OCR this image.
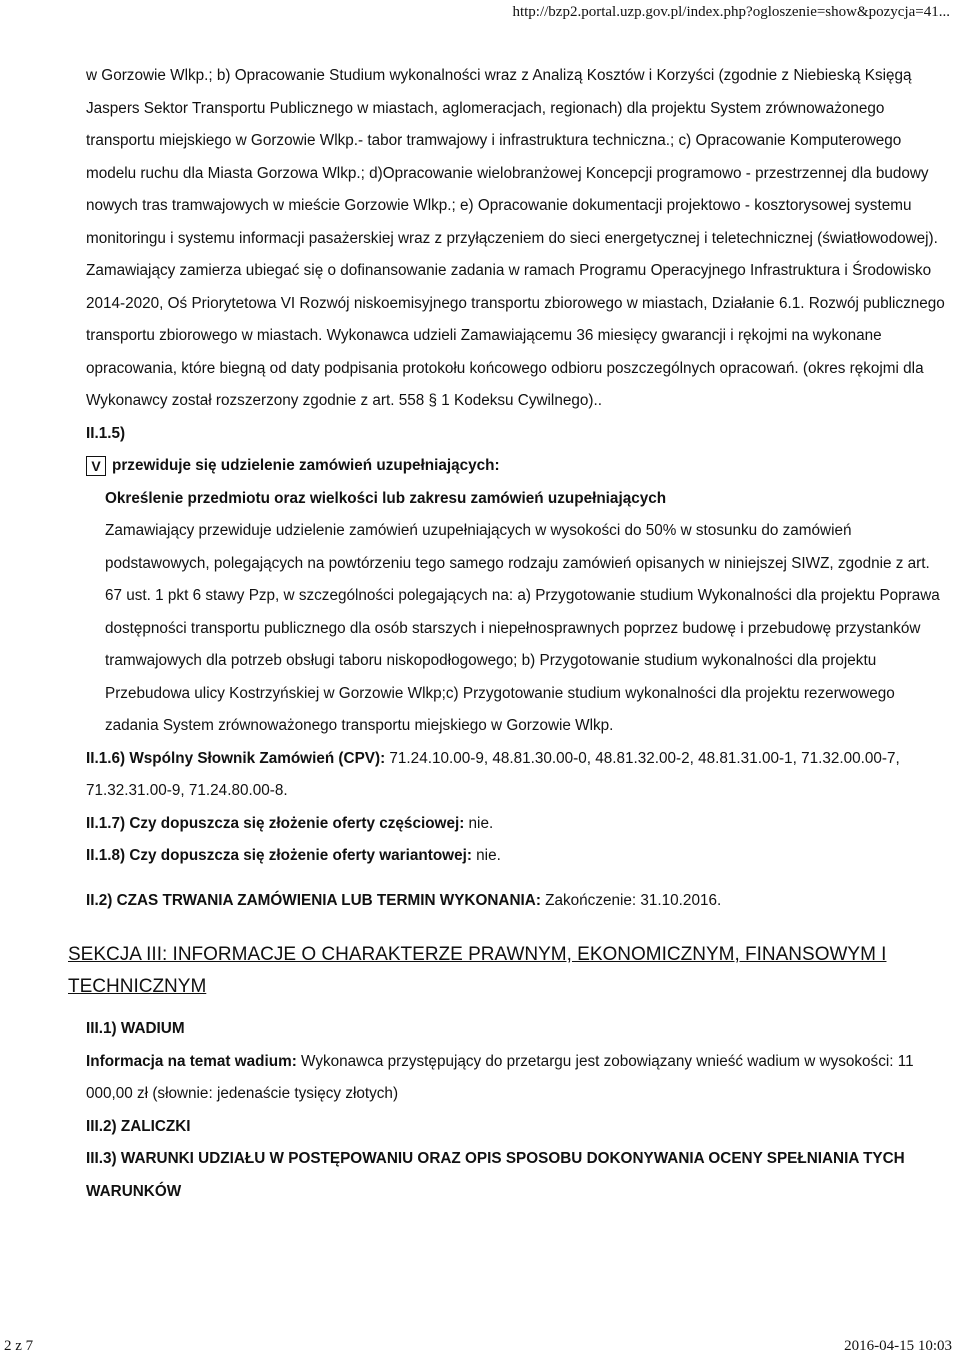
http://bzp2.portal.uzp.gov.pl/index.php?ogloszenie=show&pozycja=41...

w Gorzowie Wlkp.; b) Opracowanie Studium wykonalności wraz z Analizą Kosztów i Korzyści (zgodnie z Niebieską Księgą Jaspers Sektor Transportu Publicznego w miastach, aglomeracjach, regionach) dla projektu System zrównoważonego transportu miejskiego w Gorzowie Wlkp.- tabor tramwajowy i infrastruktura techniczna.; c) Opracowanie Komputerowego modelu ruchu dla Miasta Gorzowa Wlkp.; d)Opracowanie wielobranżowej Koncepcji programowo - przestrzennej dla budowy nowych tras tramwajowych w mieście Gorzowie Wlkp.; e) Opracowanie dokumentacji projektowo - kosztorysowej systemu monitoringu i systemu informacji pasażerskiej wraz z przyłączeniem do sieci energetycznej i teletechnicznej (światłowodowej). Zamawiający zamierza ubiegać się o dofinansowanie zadania w ramach Programu Operacyjnego Infrastruktura i Środowisko 2014-2020, Oś Priorytetowa VI Rozwój niskoemisyjnego transportu zbiorowego w miastach, Działanie 6.1. Rozwój publicznego transportu zbiorowego w miastach. Wykonawca udzieli Zamawiającemu 36 miesięcy gwarancji i rękojmi na wykonane opracowania, które biegną od daty podpisania protokołu końcowego odbioru poszczególnych opracowań. (okres rękojmi dla Wykonawcy został rozszerzony zgodnie z art. 558 § 1 Kodeksu Cywilnego)..

II.1.5)

V przewiduje się udzielenie zamówień uzupełniających:

Określenie przedmiotu oraz wielkości lub zakresu zamówień uzupełniających

Zamawiający przewiduje udzielenie zamówień uzupełniających w wysokości do 50% w stosunku do zamówień podstawowych, polegających na powtórzeniu tego samego rodzaju zamówień opisanych w niniejszej SIWZ, zgodnie z art. 67 ust. 1 pkt 6 stawy Pzp, w szczególności polegających na: a) Przygotowanie studium Wykonalności dla projektu Poprawa dostępności transportu publicznego dla osób starszych i niepełnosprawnych poprzez budowę i przebudowę przystanków tramwajowych dla potrzeb obsługi taboru niskopodłogowego; b) Przygotowanie studium wykonalności dla projektu Przebudowa ulicy Kostrzyńskiej w Gorzowie Wlkp;c) Przygotowanie studium wykonalności dla projektu rezerwowego zadania System zrównoważonego transportu miejskiego w Gorzowie Wlkp.

II.1.6) Wspólny Słownik Zamówień (CPV): 71.24.10.00-9, 48.81.30.00-0, 48.81.32.00-2, 48.81.31.00-1, 71.32.00.00-7, 71.32.31.00-9, 71.24.80.00-8.

II.1.7) Czy dopuszcza się złożenie oferty częściowej: nie.

II.1.8) Czy dopuszcza się złożenie oferty wariantowej: nie.

II.2) CZAS TRWANIA ZAMÓWIENIA LUB TERMIN WYKONANIA: Zakończenie: 31.10.2016.

SEKCJA III: INFORMACJE O CHARAKTERZE PRAWNYM, EKONOMICZNYM, FINANSOWYM I TECHNICZNYM

III.1) WADIUM

Informacja na temat wadium: Wykonawca przystępujący do przetargu jest zobowiązany wnieść wadium w wysokości: 11 000,00 zł (słownie: jedenaście tysięcy złotych)

III.2) ZALICZKI

III.3) WARUNKI UDZIAŁU W POSTĘPOWANIU ORAZ OPIS SPOSOBU DOKONYWANIA OCENY SPEŁNIANIA TYCH WARUNKÓW

2 z 7	2016-04-15 10:03
